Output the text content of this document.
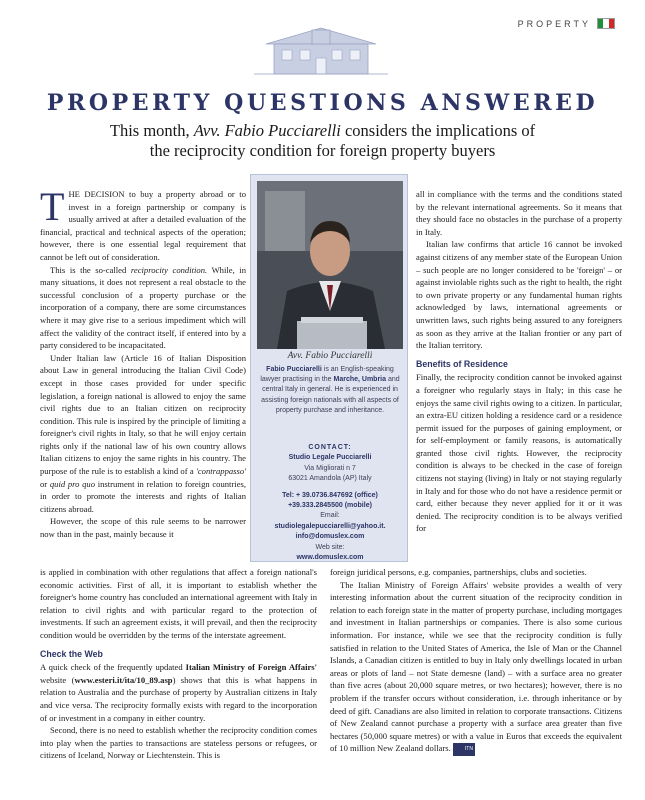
PROPERTY
PROPERTY QUESTIONS ANSWERED
This month, Avv. Fabio Pucciarelli considers the implications of
the reciprocity condition for foreign property buyers

THE DECISION to buy a property abroad or to invest in a foreign partnership or company is usually arrived at after a detailed evaluation of the financial, practical and technical aspects of the operation; however, there is one essential legal requirement that cannot be left out of consideration.

This is the so-called reciprocity condition. While, in many situations, it does not represent a real obstacle to the successful conclusion of a property purchase or the incorporation of a company, there are some circumstances where it may give rise to a serious impediment which will affect the validity of the contract itself, if entered into by a party considered to be incapacitated.

Under Italian law (Article 16 of Italian Disposition about Law in general introducing the Italian Civil Code) except in those cases provided for under specific legislation, a foreign national is allowed to enjoy the same civil rights due to an Italian citizen on reciprocity condition. This rule is inspired by the principle of limiting a foreigner's civil rights in Italy, so that he will enjoy certain rights only if the national law of his own country allows Italian citizens to enjoy the same rights in his country. The purpose of the rule is to establish a kind of a 'contrappasso' or quid pro quo instrument in relation to foreign countries, in order to promote the interests and rights of Italian citizens abroad.

However, the scope of this rule seems to be narrower now than in the past, mainly because it

Avv. Fabio Pucciarelli
Fabio Pucciarelli is an English-speaking lawyer practising in the Marche, Umbria and central Italy in general. He is experienced in assisting foreign nationals with all aspects of property purchase and inheritance.
CONTACT:
Studio Legale Pucciarelli
Via Migliorati n 7
63021 Amandola (AP) Italy
Tel: + 39.0736.847692 (office)
+39.333.2845500 (mobile)
Email:
studiolegalepucciarelli@yahoo.it.
info@domuslex.com
Web site:
www.domuslex.com

all in compliance with the terms and the conditions stated by the relevant international agreements. So it means that they should face no obstacles in the purchase of a property in Italy.

Italian law confirms that article 16 cannot be invoked against citizens of any member state of the European Union – such people are no longer considered to be 'foreign' – or against inviolable rights such as the right to health, the right to own private property or any fundamental human rights acknowledged by laws, international agreements or unwritten laws, such rights being assured to any foreigners as soon as they arrive at the Italian frontier or any part of the Italian territory.

Benefits of Residence

Finally, the reciprocity condition cannot be invoked against a foreigner who regularly stays in Italy; in this case he enjoys the same civil rights owing to a citizen. In particular, an extra-EU citizen holding a residence card or a residence permit issued for the purposes of gaining employment, or for self-employment or family reasons, is automatically granted those civil rights. However, the reciprocity condition is always to be checked in the case of foreign citizens not staying (living) in Italy or not staying regularly in Italy and for those who do not have a residence permit or card, either because they never applied for it or it was denied. The reciprocity condition is to be always verified for

is applied in combination with other regulations that affect a foreign national's economic activities. First of all, it is important to establish whether the foreigner's home country has concluded an international agreement with Italy in relation to civil rights and with particular regard to the protection of investments. If such an agreement exists, it will prevail, and then the reciprocity condition would be overridden by the terms of the interstate agreement.

Check the Web

A quick check of the frequently updated Italian Ministry of Foreign Affairs' website (www.esteri.it/ita/10_89.asp) shows that this is what happens in relation to Australia and the purchase of property by Australian citizens in Italy and vice versa. The reciprocity formally exists with regard to the incorporation of or investment in a company in either country.

Second, there is no need to establish whether the reciprocity condition comes into play when the parties to transactions are stateless persons or refugees, or citizens of Iceland, Norway or Liechtenstein. This is

foreign juridical persons, e.g. companies, partnerships, clubs and societies.

The Italian Ministry of Foreign Affairs' website provides a wealth of very interesting information about the current situation of the reciprocity condition in relation to each foreign state in the matter of property purchase, including mortgages and investment in Italian partnerships or companies. There is also some curious information. For instance, while we see that the reciprocity condition is fully satisfied in relation to the United States of America, the Isle of Man or the Channel Islands, a Canadian citizen is entitled to buy in Italy only dwellings located in urban areas or plots of land – not State demesne (land) – with a surface area no greater than five acres (about 20,000 square metres, or two hectares); however, there is no problem if the transfer occurs without consideration, i.e. through inheritance or by deed of gift. Canadians are also limited in relation to corporate transactions. Citizens of New Zealand cannot purchase a property with a surface area greater than five hectares (50,000 square metres) or with a value in Euros that exceeds the equivalent of 10 million New Zealand dollars.	ITN
